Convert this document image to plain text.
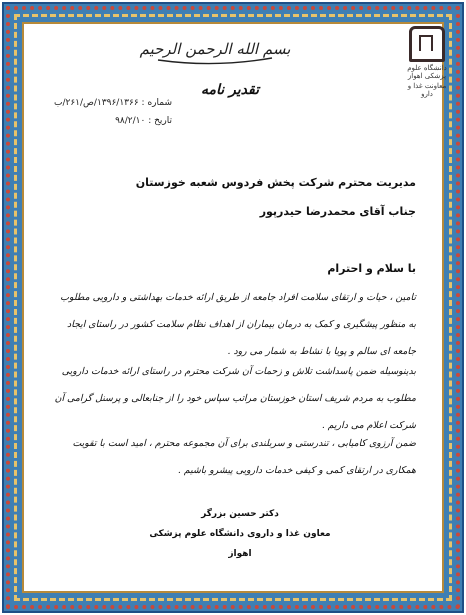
دانشگاه علوم پزشکی اهواز
معاونت غذا و دارو
بسم الله الرحمن الرحیم
تقدیر نامه
شماره : ۱۳۹۶/۱۳۶۶/ص/۲۶۱/ب
تاریخ : ۹۸/۲/۱۰
مدیریت محترم شرکت پخش فردوس شعبه خوزستان
جناب آقای محمدرضا حیدرپور
با سلام و احترام
تامین ، حیات و ارتقای سلامت افراد جامعه از طریق ارائه خدمات بهداشتی و دارویی مطلوب به منظور پیشگیری و کمک به درمان بیماران از اهداف نظام سلامت کشور در راستای ایجاد جامعه ای سالم و پویا با نشاط به شمار می رود .
بدینوسیله ضمن پاسداشت تلاش و زحمات آن شرکت محترم در راستای ارائه خدمات دارویی مطلوب به مردم شریف استان خوزستان مراتب سپاس خود را از جنابعالی و پرسنل گرامی آن شرکت اعلام می داریم .
ضمن آرزوی کامیابی ، تندرستی و سربلندی برای آن مجموعه محترم ، امید است با تقویت همکاری در ارتقای کمی و کیفی خدمات دارویی پیشرو باشیم .
دکتر حسین بزرگر
معاون غذا و داروی دانشگاه علوم پزشکی اهواز
